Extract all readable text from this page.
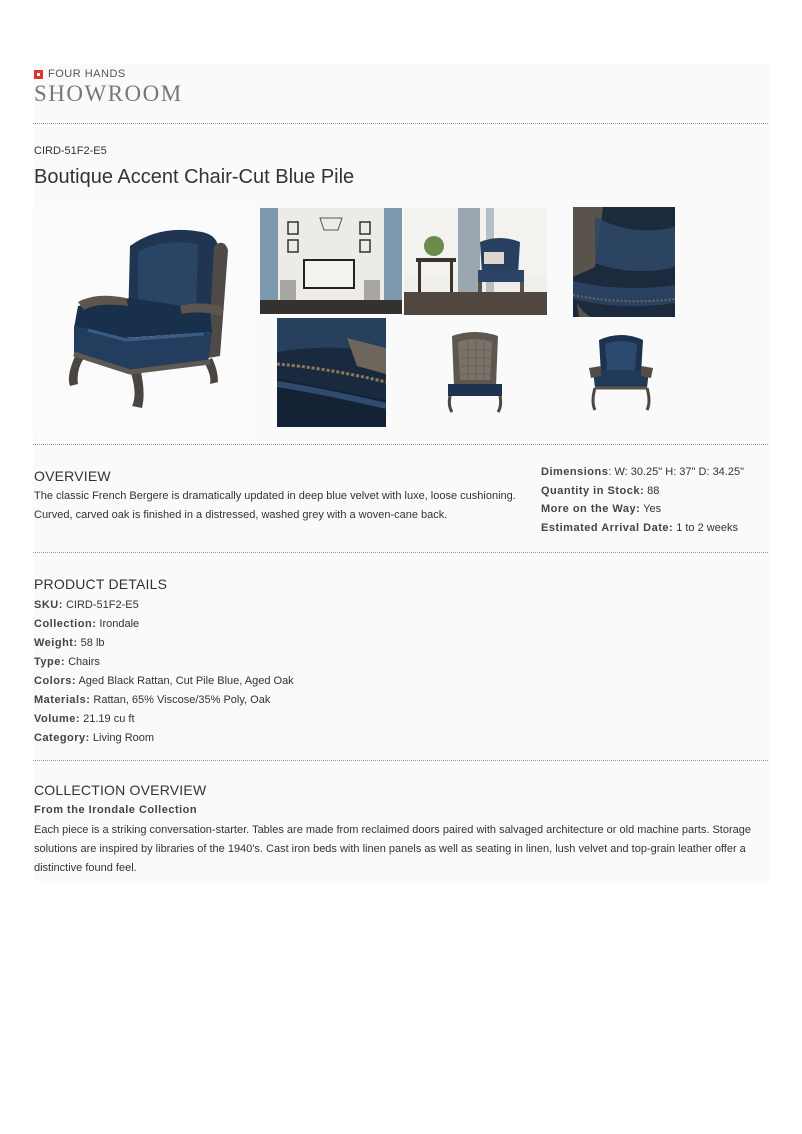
FOUR HANDS
SHOWROOM
CIRD-51F2-E5
Boutique Accent Chair-Cut Blue Pile
OVERVIEW
The classic French Bergere is dramatically updated in deep blue velvet with luxe, loose cushioning.
Curved, carved oak is finished in a distressed, washed grey with a woven-cane back.
Dimensions: W: 30.25" H: 37" D: 34.25"
Quantity in Stock: 88
More on the Way: Yes
Estimated Arrival Date: 1 to 2 weeks
PRODUCT DETAILS
SKU: CIRD-51F2-E5
Collection: Irondale
Weight: 58 lb
Type: Chairs
Colors: Aged Black Rattan, Cut Pile Blue, Aged Oak
Materials: Rattan, 65% Viscose/35% Poly, Oak
Volume: 21.19 cu ft
Category: Living Room
COLLECTION OVERVIEW
From the Irondale Collection
Each piece is a striking conversation-starter. Tables are made from reclaimed doors paired with salvaged architecture or old machine parts. Storage
solutions are inspired by libraries of the 1940's. Cast iron beds with linen panels as well as seating in linen, lush velvet and top-grain leather offer a
distinctive found feel.
